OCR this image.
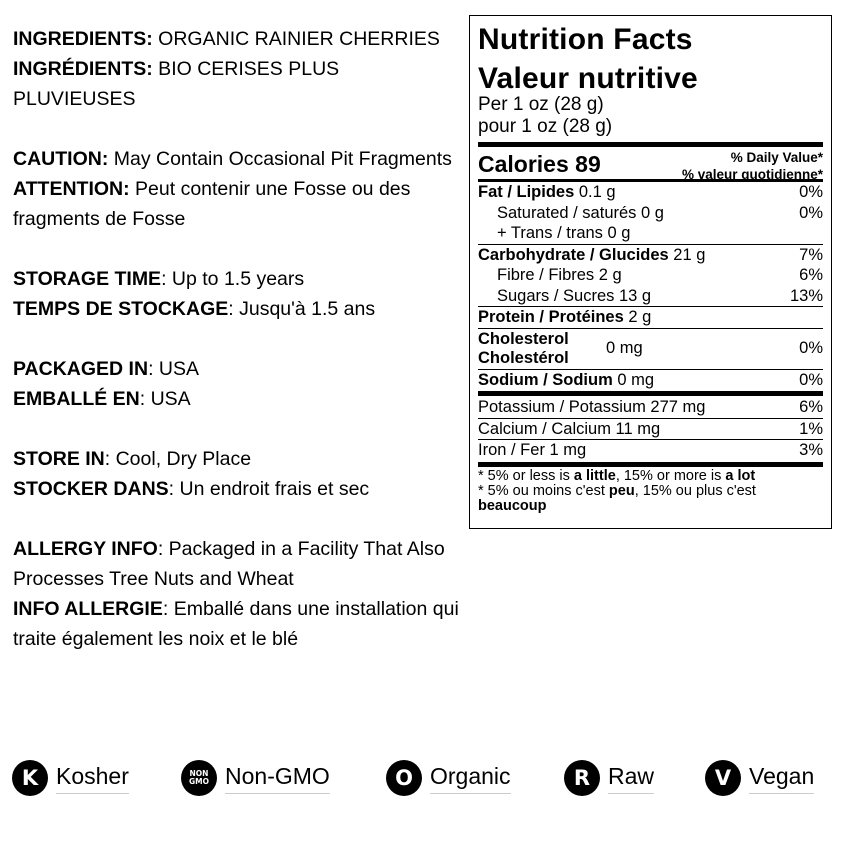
INGREDIENTS: ORGANIC RAINIER CHERRIES

INGRÉDIENTS: BIO CERISES PLUS PLUVIEUSES

CAUTION: May Contain Occasional Pit Fragments

ATTENTION: Peut contenir une Fosse ou des fragments de Fosse

STORAGE TIME: Up to 1.5 years

TEMPS DE STOCKAGE: Jusqu'à 1.5 ans

PACKAGED IN: USA

EMBALLÉ EN: USA

STORE IN: Cool, Dry Place

STOCKER DANS: Un endroit frais et sec

ALLERGY INFO: Packaged in a Facility That Also Processes Tree Nuts and Wheat

INFO ALLERGIE: Emballé dans une installation qui traite également les noix et le blé

Nutrition Facts
Valeur nutritive
Per 1 oz (28 g)
pour 1 oz (28 g)
Calories 89	% Daily Value*
% valeur quotidienne*
Fat / Lipides 0.1 g	0%
Saturated / saturés 0 g	0%
+ Trans / trans 0 g
Carbohydrate / Glucides 21 g	7%
Fibre / Fibres 2 g	6%
Sugars / Sucres 13 g	13%
Protein / Protéines 2 g
Cholesterol
Cholestérol
0 mg	0%
Sodium / Sodium 0 mg	0%
Potassium / Potassium 277 mg	6%
Calcium / Calcium 11 mg	1%
Iron / Fer 1 mg	3%
* 5% or less is a little, 15% or more is a lot
* 5% ou moins c'est peu, 15% ou plus c'est beaucoup
K Kosher	NON
GMO Non-GMO	O Organic	R Raw	V Vegan
